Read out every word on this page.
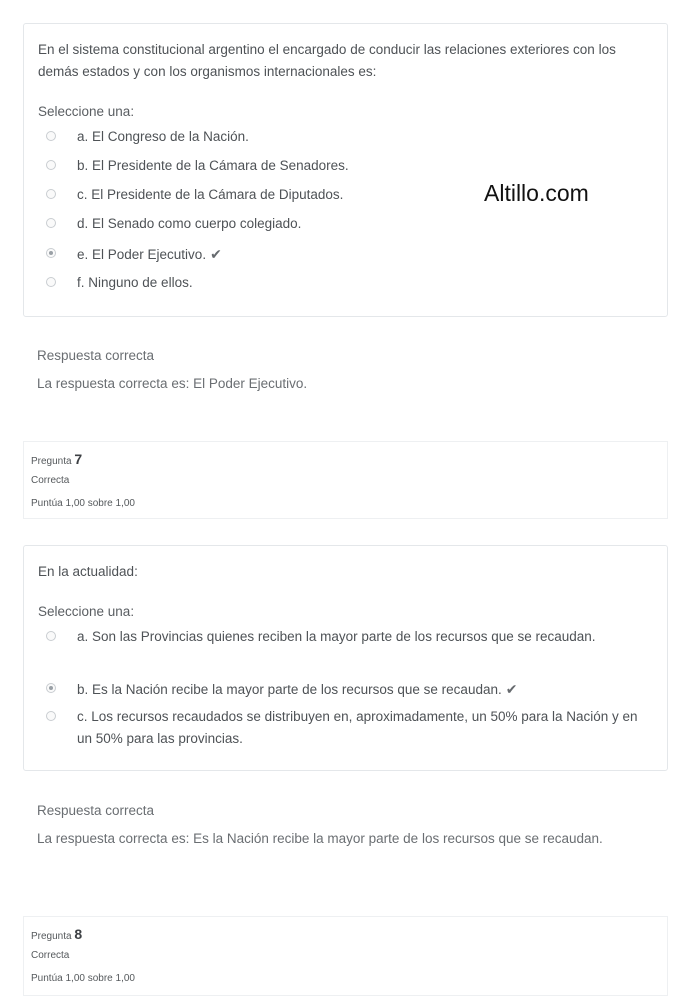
En el sistema constitucional argentino el encargado de conducir las relaciones exteriores con los demás estados y con los organismos internacionales es:
Seleccione una:
a. El Congreso de la Nación.
b. El Presidente de la Cámara de Senadores.
c. El Presidente de la Cámara de Diputados.
d. El Senado como cuerpo colegiado.
e. El Poder Ejecutivo. ✔
f. Ninguno de ellos.
Altillo.com
Respuesta correcta
La respuesta correcta es: El Poder Ejecutivo.
Pregunta 7
Correcta
Puntúa 1,00 sobre 1,00
En la actualidad:
Seleccione una:
a. Son las Provincias quienes reciben la mayor parte de los recursos que se recaudan.
b. Es la Nación recibe la mayor parte de los recursos que se recaudan. ✔
c. Los recursos recaudados se distribuyen en, aproximadamente, un 50% para la Nación y en un 50% para las provincias.
Respuesta correcta
La respuesta correcta es: Es la Nación recibe la mayor parte de los recursos que se recaudan.
Pregunta 8
Correcta
Puntúa 1,00 sobre 1,00
